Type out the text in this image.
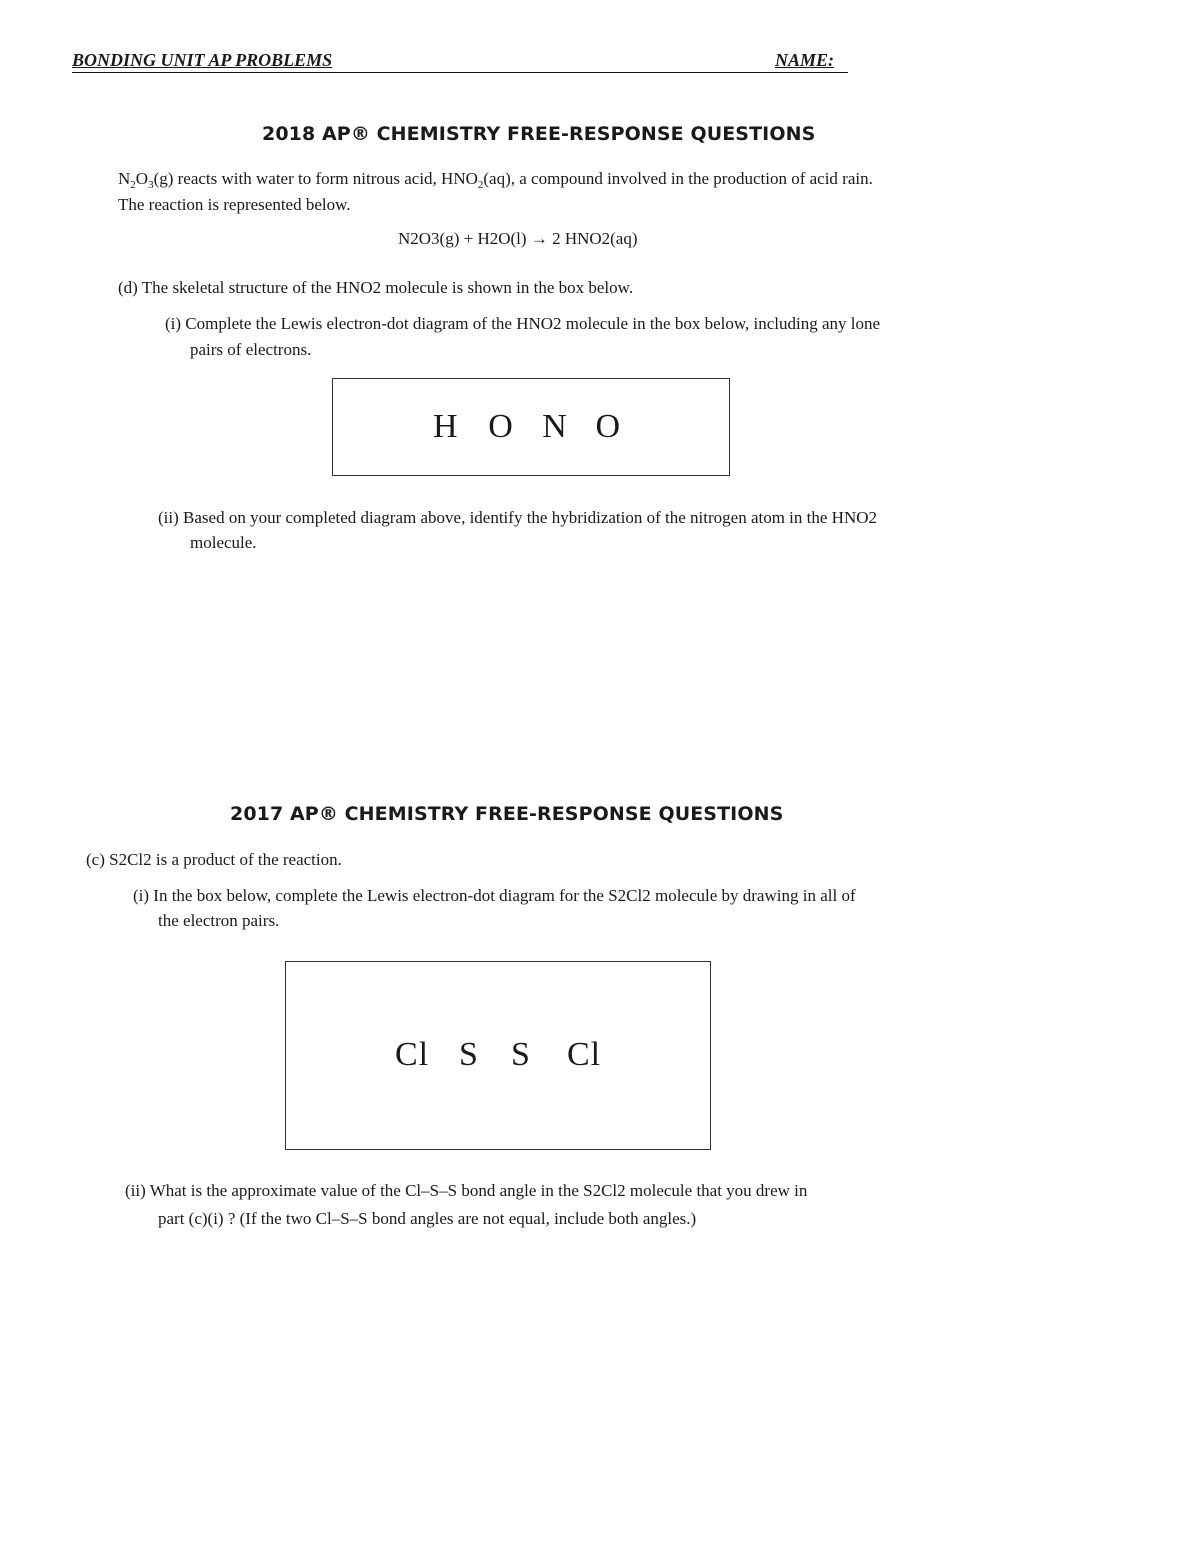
BONDING UNIT AP PROBLEMS	NAME:
2018 AP® CHEMISTRY FREE-RESPONSE QUESTIONS
$N_2O_3(g)$ reacts with water to form nitrous acid, $HNO_2(aq)$, a compound involved in the production of acid rain.
The reaction is represented below.
N2O3(g) + H2O(l) → 2 HNO2(aq)
(d) The skeletal structure of the HNO2 molecule is shown in the box below.
(i) Complete the Lewis electron-dot diagram of the HNO2 molecule in the box below, including any lone
pairs of electrons.
H O N O
(ii) Based on your completed diagram above, identify the hybridization of the nitrogen atom in the HNO2
molecule.
2017 AP® CHEMISTRY FREE-RESPONSE QUESTIONS
(c) S2Cl2 is a product of the reaction.
(i) In the box below, complete the Lewis electron-dot diagram for the S2Cl2 molecule by drawing in all of
the electron pairs.
Cl S S	Cl
(ii) What is the approximate value of the Cl–S–S bond angle in the S2Cl2 molecule that you drew in
part (c)(i) ? (If the two Cl–S–S bond angles are not equal, include both angles.)
